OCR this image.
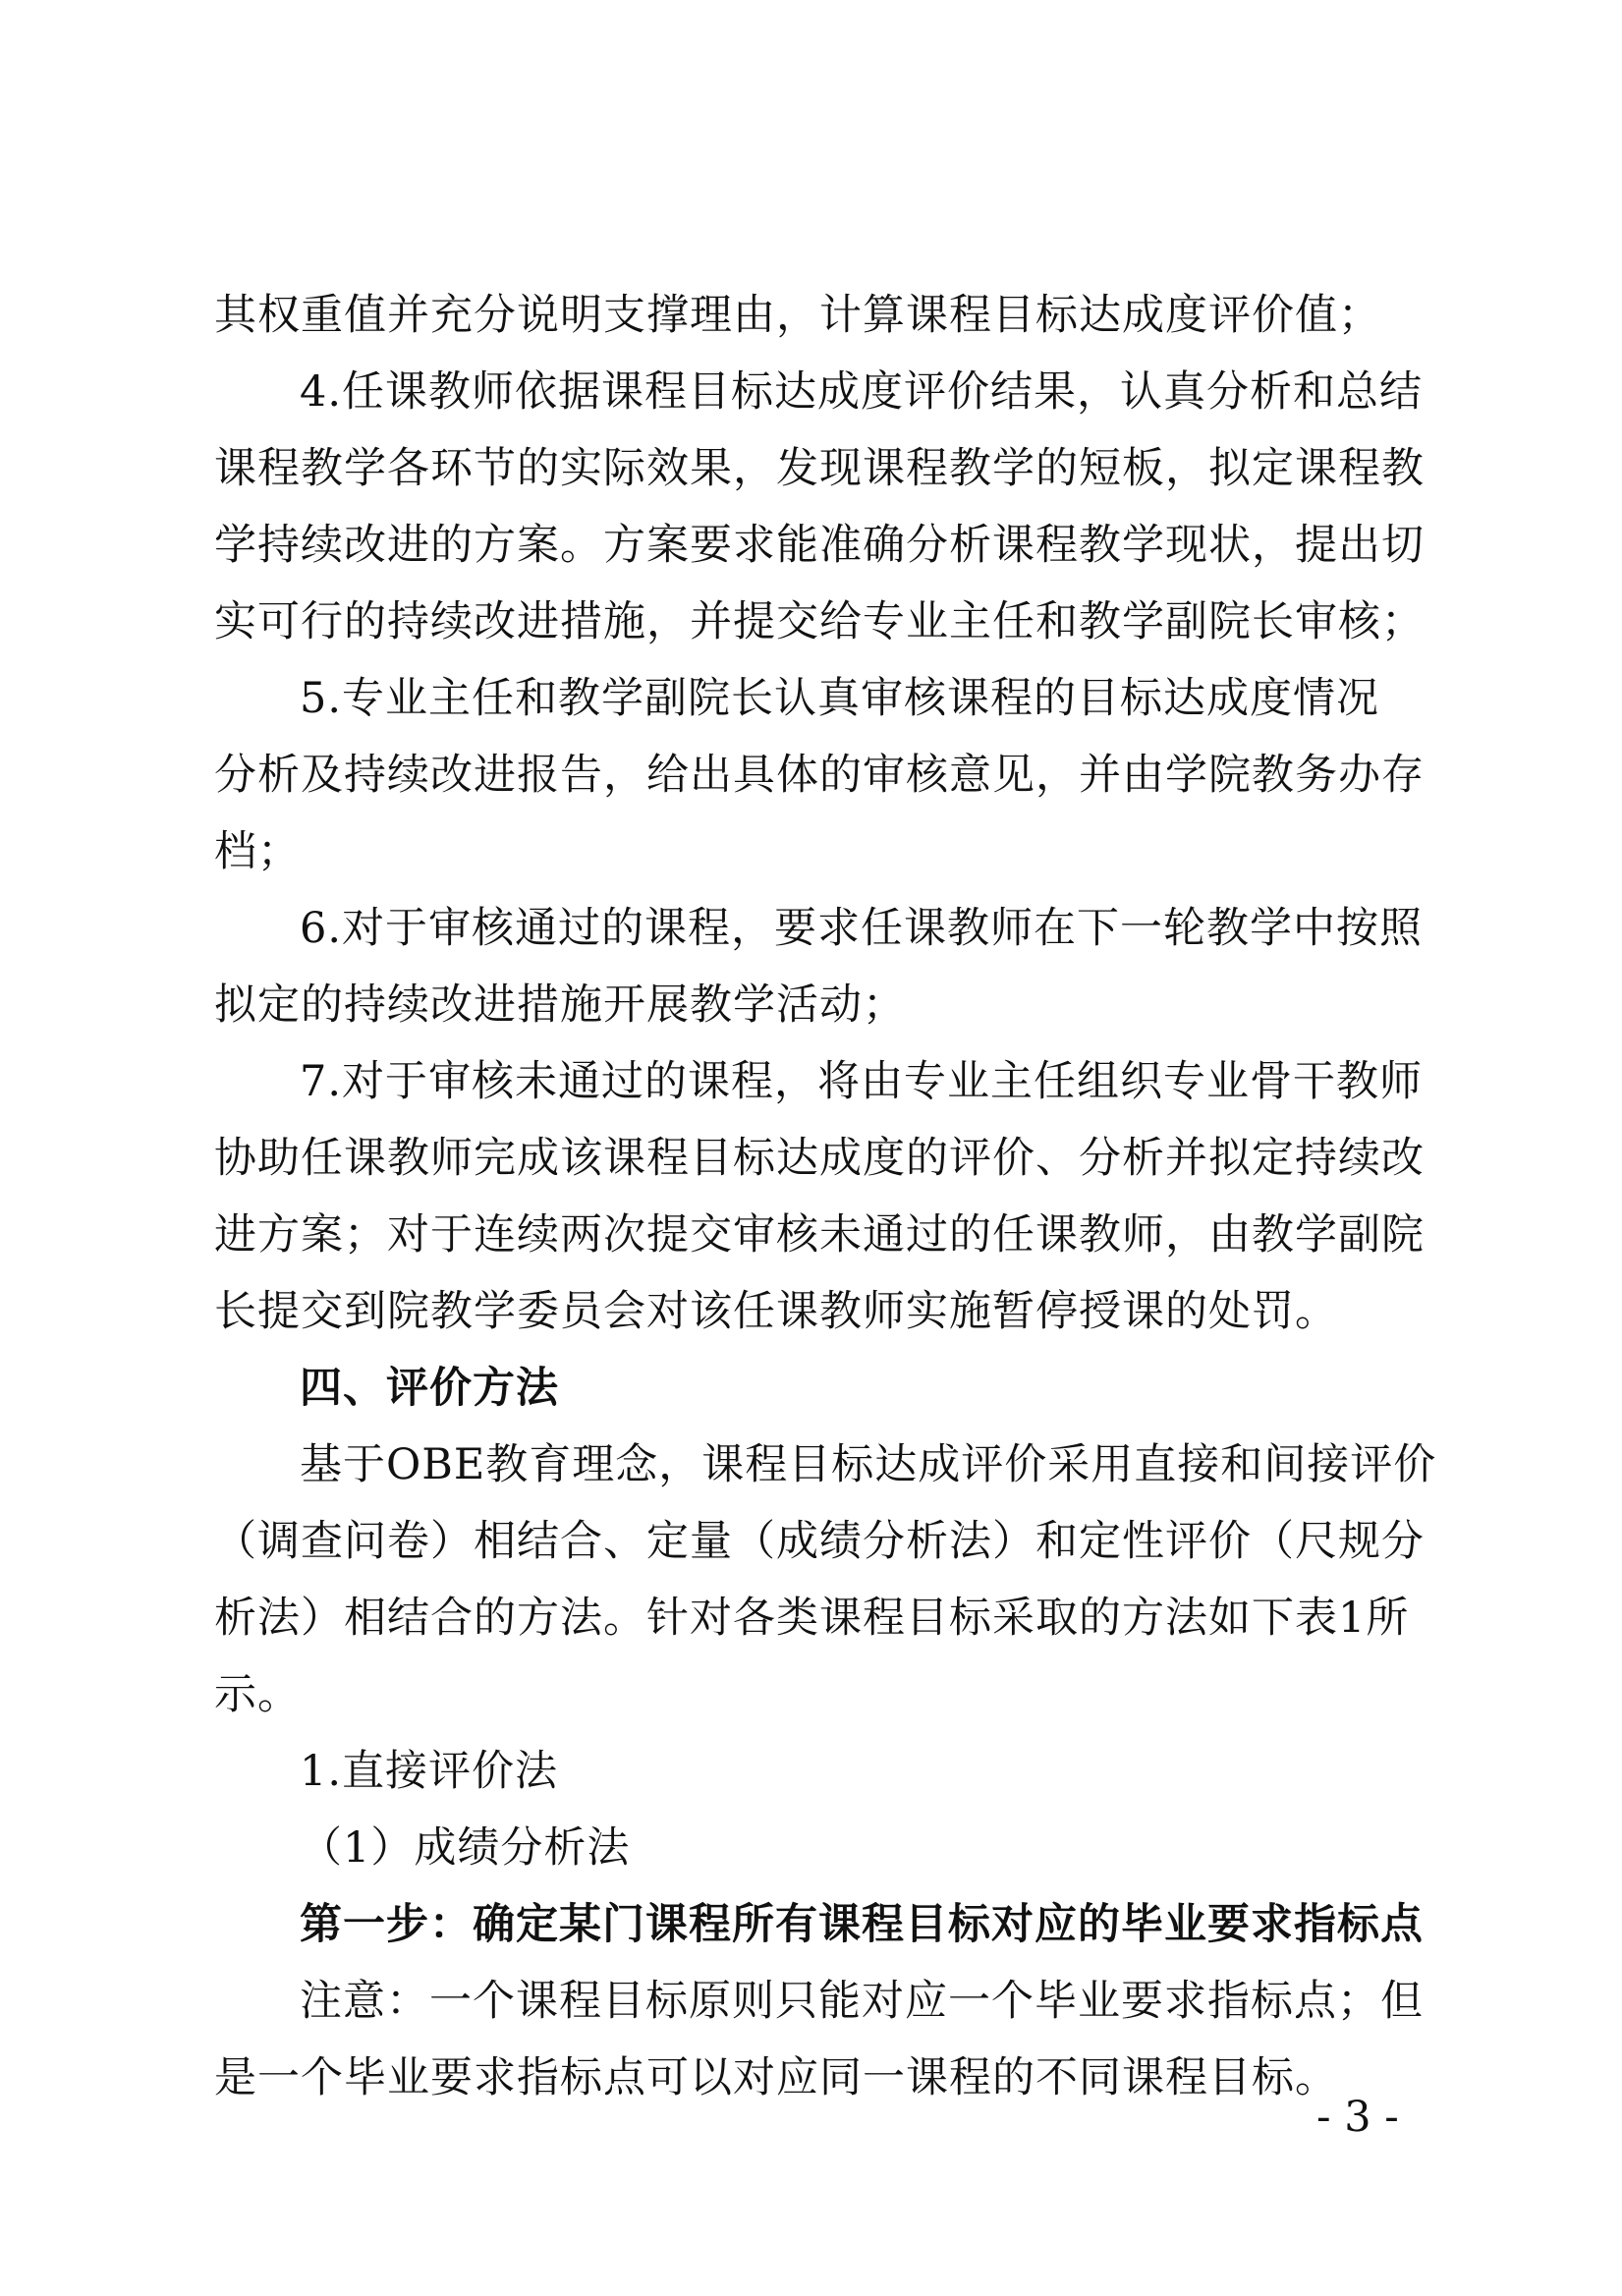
其权重值并充分说明支撑理由，计算课程目标达成度评价值；
4.任课教师依据课程目标达成度评价结果，认真分析和总结
课程教学各环节的实际效果，发现课程教学的短板，拟定课程教
学持续改进的方案。方案要求能准确分析课程教学现状，提出切
实可行的持续改进措施，并提交给专业主任和教学副院长审核；
5.专业主任和教学副院长认真审核课程的目标达成度情况
分析及持续改进报告，给出具体的审核意见，并由学院教务办存
档；
6.对于审核通过的课程，要求任课教师在下一轮教学中按照
拟定的持续改进措施开展教学活动；
7.对于审核未通过的课程，将由专业主任组织专业骨干教师
协助任课教师完成该课程目标达成度的评价、分析并拟定持续改
进方案；对于连续两次提交审核未通过的任课教师，由教学副院
长提交到院教学委员会对该任课教师实施暂停授课的处罚。
四、评价方法
基于OBE教育理念，课程目标达成评价采用直接和间接评价
（调查问卷）相结合、定量（成绩分析法）和定性评价（尺规分
析法）相结合的方法。针对各类课程目标采取的方法如下表1所
示。
1.直接评价法
（1）成绩分析法
第一步：确定某门课程所有课程目标对应的毕业要求指标点
注意：一个课程目标原则只能对应一个毕业要求指标点；但
是一个毕业要求指标点可以对应同一课程的不同课程目标。
- 3 -
